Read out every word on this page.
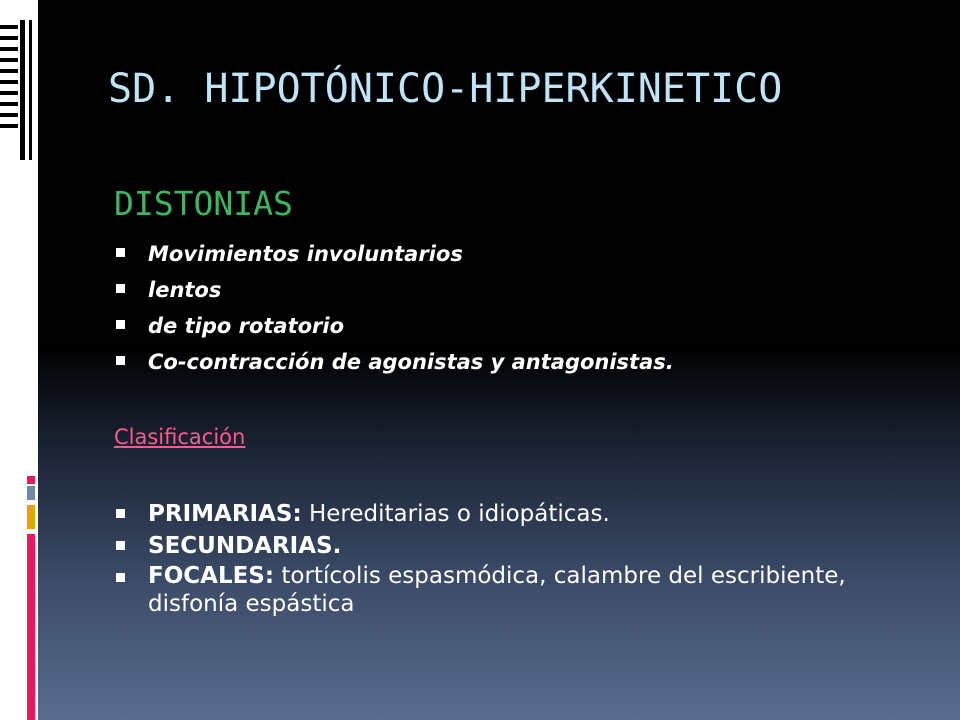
SD. HIPOTÓNICO-HIPERKINETICO
DISTONIAS
Movimientos involuntarios
lentos
de tipo rotatorio
Co-contracción de agonistas y antagonistas.
Clasificación
PRIMARIAS: Hereditarias o idiopáticas.
SECUNDARIAS.
FOCALES: tortícolis espasmódica, calambre del escribiente, disfonía espástica
